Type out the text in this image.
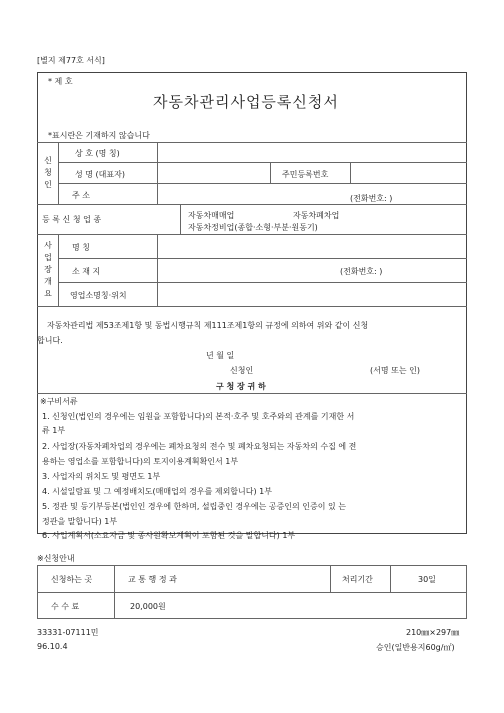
[별지 제77호 서식]
* 제 호
자동차관리사업등록신청서
*표시란은 기재하지 않습니다
신
청
인
상 호 (명 칭)
성 명 (대표자)	주민등록번호
주 소	(전화번호: )
등 록 신 청 업 종	자동차매매업	자동차폐차업
자동차정비업(종합·소형·부분·원동기)
사
업
장
개
요
명 칭
소 재 지	(전화번호: )
영업소명칭·위치
자동차관리법 제53조제1항 및 동법시행규칙 제111조제1항의 규정에 의하여 위와 같이 신청
합니다.
년 월 일
신청인	(서명 또는 인)
구 청 장 귀 하
※구비서류
1. 신청인(법인의 경우에는 임원을 포함합니다)의 본적·호주 및 호주와의 관계를 기재한 서
류 1부
2. 사업장(자동차폐차업의 경우에는 폐차요청의 전수 및 폐차요청되는 자동차의 수집 에 전
용하는 영업소를 포함합니다)의 토지이용계획확인서 1부
3. 사업자의 위치도 및 평면도 1부
4. 시설일람표 및 그 예정배치도(매매업의 경우를 제외합니다) 1부
5. 정관 및 등기부등본(법인인 경우에 한하며, 설립중인 경우에는 공증인의 인증이 있 는
정관을 말합니다) 1부
6. 사업계획서(소요자금 및 종사원확보계획이 포함된 것을 말합니다) 1부
※신청안내
신청하는 곳	교 통 행 정 과	처리기간	30일
수 수 료	20,000원
33331-07111민
96.10.4
210㎜×297㎜
승인(일반용지60g/㎡)
